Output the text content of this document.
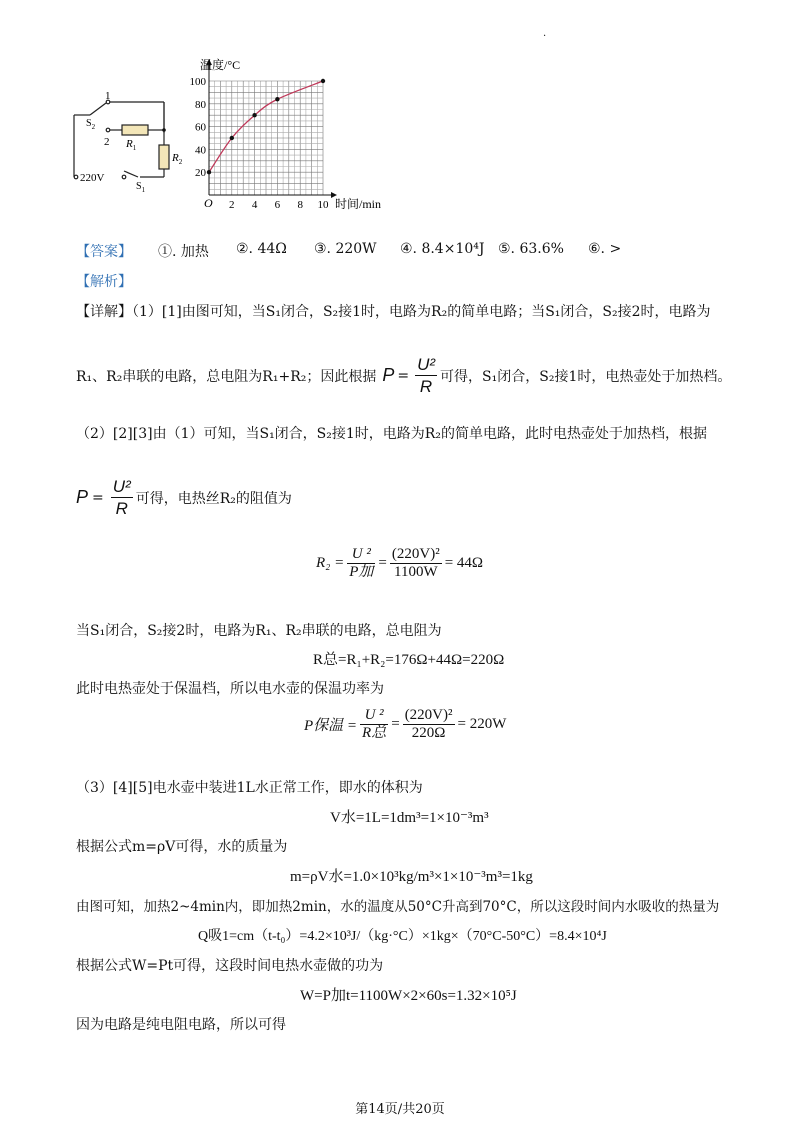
.
1
2
$S_2$
$R_1$
$R_2$
220V
$S_1$
温度/°C
时间/min
O 2 4 6 8 10
20
40
60
80
100
【答案】 ①. 加热 ②. 44Ω ③. 220W ④. 8.4×10⁴J ⑤. 63.6% ⑥. >
【解析】
【详解】（1）[1]由图可知，当S₁闭合，S₂接1时，电路为R₂的简单电路；当S₁闭合，S₂接2时，电路为
R₁、R₂串联的电路，总电阻为R₁+R₂；因此根据 $P = \frac{\text{U²}}{R}$ 可得，S₁闭合，S₂接1时，电热壶处于加热档。
（2）[2][3]由（1）可知，当S₁闭合，S₂接1时，电路为R₂的简单电路，此时电热壶处于加热档，根据
$P = \frac{\text{U²}}{R}$ 可得，电热丝R₂的阻值为
$R_2 = \frac{\text{U ²}}{\text{P加}} = \frac{\text{(220V)²}}{1100W} = 44\Omega$
当S₁闭合，S₂接2时，电路为R₁、R₂串联的电路，总电阻为
R总=R₁+R₂=176Ω+44Ω=220Ω
此时电热壶处于保温档，所以电水壶的保温功率为
P保温 = $\frac{\text{U ²}}{\text{R总}} = \frac{\text{(220V)²}}{220\Omega} = 220W$
（3）[4][5]电水壶中装进1L水正常工作，即水的体积为
V水=1L=1dm³=1×10⁻³m³
根据公式m=ρV可得，水的质量为
m=ρV水=1.0×10³kg/m³×1×10⁻³m³=1kg
由图可知，加热2~4min内，即加热2min，水的温度从50°C升高到70°C，所以这段时间内水吸收的热量为
Q吸1=cm（t-t₀）=4.2×10³J/（kg·°C）×1kg×（70°C-50°C）=8.4×10⁴J
根据公式W=Pt可得，这段时间电热水壶做的功为
W=P加t=1100W×2×60s=1.32×10⁵J
因为电路是纯电阻电路，所以可得
第14页/共20页
